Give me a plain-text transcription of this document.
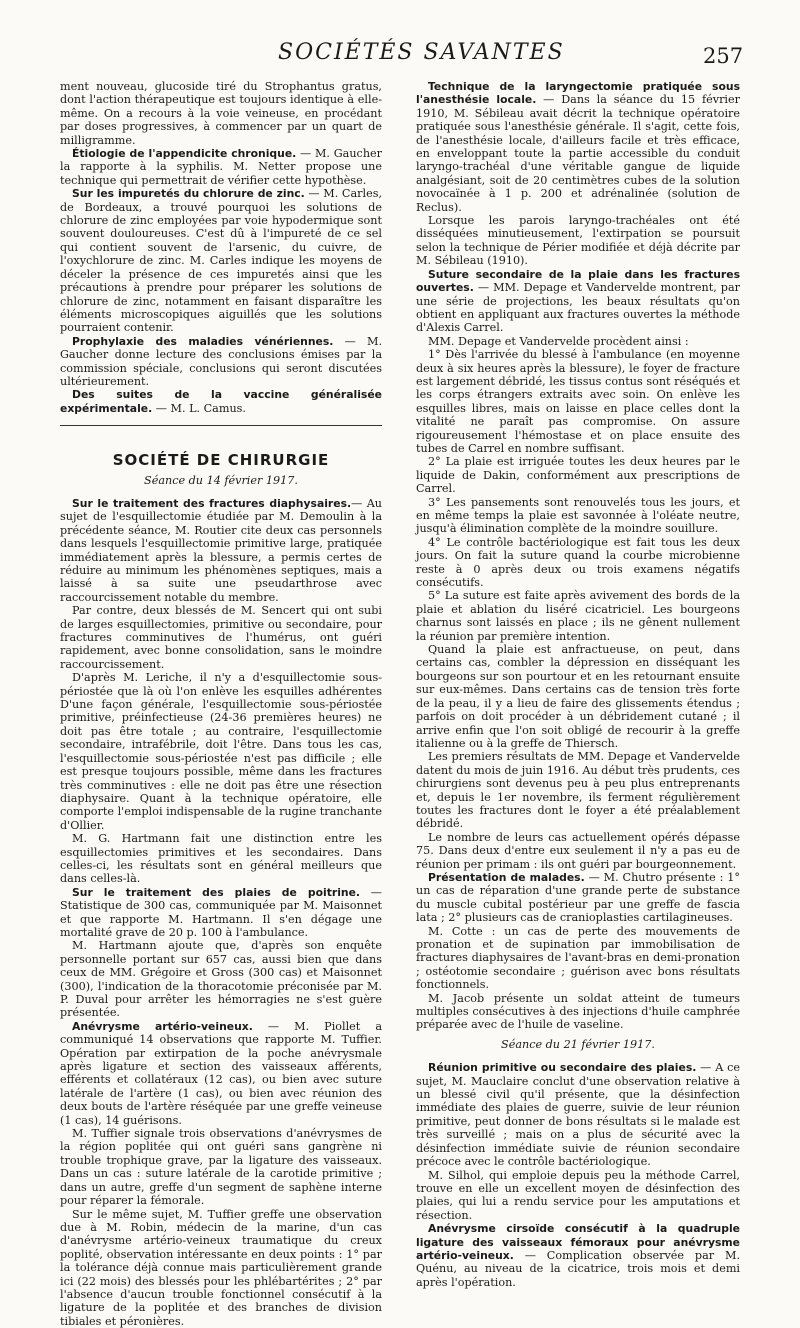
SOCIÉTÉS SAVANTES	257

ment nouveau, glucoside tiré du Strophantus gratus, dont l'action thérapeutique est toujours identique à elle-même. On a recours à la voie veineuse, en procédant par doses progressives, à commencer par un quart de milligramme.

Étiologie de l'appendicite chronique. — M. Gaucher la rapporte à la syphilis. M. Netter propose une technique qui permettrait de vérifier cette hypothèse.

Sur les impuretés du chlorure de zinc. — M. Carles, de Bordeaux, a trouvé pourquoi les solutions de chlorure de zinc employées par voie hypodermique sont souvent douloureuses. C'est dû à l'impureté de ce sel qui contient souvent de l'arsenic, du cuivre, de l'oxychlorure de zinc. M. Carles indique les moyens de déceler la présence de ces impuretés ainsi que les précautions à prendre pour préparer les solutions de chlorure de zinc, notamment en faisant disparaître les éléments microscopiques aiguillés que les solutions pourraient contenir.

Prophylaxie des maladies vénériennes. — M. Gaucher donne lecture des conclusions émises par la commission spéciale, conclusions qui seront discutées ultérieurement.

Des suites de la vaccine généralisée expérimentale. — M. L. Camus.

SOCIÉTÉ DE CHIRURGIE
Séance du 14 février 1917.

Sur le traitement des fractures diaphysaires.— Au sujet de l'esquillectomie étudiée par M. Demoulin à la précédente séance, M. Routier cite deux cas personnels dans lesquels l'esquillectomie primitive large, pratiquée immédiatement après la blessure, a permis certes de réduire au minimum les phénomènes septiques, mais a laissé à sa suite une pseudarthrose avec raccourcissement notable du membre.

Par contre, deux blessés de M. Sencert qui ont subi de larges esquillectomies, primitive ou secondaire, pour fractures comminutives de l'humérus, ont guéri rapidement, avec bonne consolidation, sans le moindre raccourcissement.

D'après M. Leriche, il n'y a d'esquillectomie sous-périostée que là où l'on enlève les esquilles adhérentes D'une façon générale, l'esquillectomie sous-périostée primitive, préinfectieuse (24-36 premières heures) ne doit pas être totale ; au contraire, l'esquillectomie secondaire, intrafébrile, doit l'être. Dans tous les cas, l'esquillectomie sous-périostée n'est pas difficile ; elle est presque toujours possible, même dans les fractures très comminutives : elle ne doit pas être une résection diaphysaire. Quant à la technique opératoire, elle comporte l'emploi indispensable de la rugine tranchante d'Ollier.

M. G. Hartmann fait une distinction entre les esquillectomies primitives et les secondaires. Dans celles-ci, les résultats sont en général meilleurs que dans celles-là.

Sur le traitement des plaies de poitrine. — Statistique de 300 cas, communiquée par M. Maisonnet et que rapporte M. Hartmann. Il s'en dégage une mortalité grave de 20 p. 100 à l'ambulance.

M. Hartmann ajoute que, d'après son enquête personnelle portant sur 657 cas, aussi bien que dans ceux de MM. Grégoire et Gross (300 cas) et Maisonnet (300), l'indication de la thoracotomie préconisée par M. P. Duval pour arrêter les hémorragies ne s'est guère présentée.

Anévrysme artério-veineux. — M. Piollet a communiqué 14 observations que rapporte M. Tuffier. Opération par extirpation de la poche anévrysmale après ligature et section des vaisseaux afférents, efférents et collatéraux (12 cas), ou bien avec suture latérale de l'artère (1 cas), ou bien avec réunion des deux bouts de l'artère réséquée par une greffe veineuse (1 cas), 14 guérisons.

M. Tuffier signale trois observations d'anévrysmes de la région poplitée qui ont guéri sans gangrène ni trouble trophique grave, par la ligature des vaisseaux. Dans un cas : suture latérale de la carotide primitive ; dans un autre, greffe d'un segment de saphène interne pour réparer la fémorale.

Sur le même sujet, M. Tuffier greffe une observation due à M. Robin, médecin de la marine, d'un cas d'anévrysme artério-veineux traumatique du creux poplité, observation intéressante en deux points : 1° par la tolérance déjà connue mais particulièrement grande ici (22 mois) des blessés pour les phlébartérites ; 2° par l'absence d'aucun trouble fonctionnel consécutif à la ligature de la poplitée et des branches de division tibiales et péronières.

Technique de la laryngectomie pratiquée sous l'anesthésie locale. — Dans la séance du 15 février 1910, M. Sébileau avait décrit la technique opératoire pratiquée sous l'anesthésie générale. Il s'agit, cette fois, de l'anesthésie locale, d'ailleurs facile et très efficace, en enveloppant toute la partie accessible du conduit laryngo-trachéal d'une véritable gangue de liquide analgésiant, soit de 20 centimètres cubes de la solution novocaïnée à 1 p. 200 et adrénalinée (solution de Reclus).

Lorsque les parois laryngo-trachéales ont été disséquées minutieusement, l'extirpation se poursuit selon la technique de Périer modifiée et déjà décrite par M. Sébileau (1910).

Suture secondaire de la plaie dans les fractures ouvertes. — MM. Depage et Vandervelde montrent, par une série de projections, les beaux résultats qu'on obtient en appliquant aux fractures ouvertes la méthode d'Alexis Carrel.

MM. Depage et Vandervelde procèdent ainsi :

1° Dès l'arrivée du blessé à l'ambulance (en moyenne deux à six heures après la blessure), le foyer de fracture est largement débridé, les tissus contus sont réséqués et les corps étrangers extraits avec soin. On enlève les esquilles libres, mais on laisse en place celles dont la vitalité ne paraît pas compromise. On assure rigoureusement l'hémostase et on place ensuite des tubes de Carrel en nombre suffisant.

2° La plaie est irriguée toutes les deux heures par le liquide de Dakin, conformément aux prescriptions de Carrel.

3° Les pansements sont renouvelés tous les jours, et en même temps la plaie est savonnée à l'oléate neutre, jusqu'à élimination complète de la moindre souillure.

4° Le contrôle bactériologique est fait tous les deux jours. On fait la suture quand la courbe microbienne reste à 0 après deux ou trois examens négatifs consécutifs.

5° La suture est faite après avivement des bords de la plaie et ablation du liséré cicatriciel. Les bourgeons charnus sont laissés en place ; ils ne gênent nullement la réunion par première intention.

Quand la plaie est anfractueuse, on peut, dans certains cas, combler la dépression en disséquant les bourgeons sur son pourtour et en les retournant ensuite sur eux-mêmes. Dans certains cas de tension très forte de la peau, il y a lieu de faire des glissements étendus ; parfois on doit procéder à un débridement cutané ; il arrive enfin que l'on soit obligé de recourir à la greffe italienne ou à la greffe de Thiersch.

Les premiers résultats de MM. Depage et Vandervelde datent du mois de juin 1916. Au début très prudents, ces chirurgiens sont devenus peu à peu plus entreprenants et, depuis le 1er novembre, ils ferment régulièrement toutes les fractures dont le foyer a été préalablement débridé.

Le nombre de leurs cas actuellement opérés dépasse 75. Dans deux d'entre eux seulement il n'y a pas eu de réunion per primam : ils ont guéri par bourgeonnement.

Présentation de malades. — M. Chutro présente : 1° un cas de réparation d'une grande perte de substance du muscle cubital postérieur par une greffe de fascia lata ; 2° plusieurs cas de cranioplasties cartilagineuses.

M. Cotte : un cas de perte des mouvements de pronation et de supination par immobilisation de fractures diaphysaires de l'avant-bras en demi-pronation ; ostéotomie secondaire ; guérison avec bons résultats fonctionnels.

M. Jacob présente un soldat atteint de tumeurs multiples consécutives à des injections d'huile camphrée préparée avec de l'huile de vaseline.

Séance du 21 février 1917.

Réunion primitive ou secondaire des plaies. — A ce sujet, M. Mauclaire conclut d'une observation relative à un blessé civil qu'il présente, que la désinfection immédiate des plaies de guerre, suivie de leur réunion primitive, peut donner de bons résultats si le malade est très surveillé ; mais on a plus de sécurité avec la désinfection immédiate suivie de réunion secondaire précoce avec le contrôle bactériologique.

M. Silhol, qui emploie depuis peu la méthode Carrel, trouve en elle un excellent moyen de désinfection des plaies, qui lui a rendu service pour les amputations et résection.

Anévrysme cirsoïde consécutif à la quadruple ligature des vaisseaux fémoraux pour anévrysme artério-veineux. — Complication observée par M. Quénu, au niveau de la cicatrice, trois mois et demi après l'opération.
